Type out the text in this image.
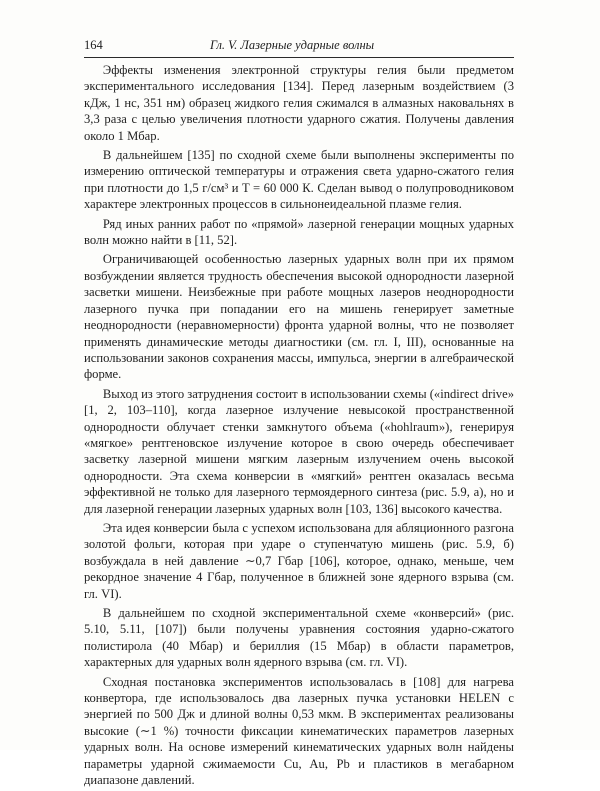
164	Гл. V. Лазерные ударные волны

Эффекты изменения электронной структуры гелия были предметом экспериментального исследования [134]. Перед лазерным воздействием (3 кДж, 1 нс, 351 нм) образец жидкого гелия сжимался в алмазных наковальнях в 3,3 раза с целью увеличения плотности ударного сжатия. Получены давления около 1 Мбар.

В дальнейшем [135] по сходной схеме были выполнены эксперименты по измерению оптической температуры и отражения света ударно-сжатого гелия при плотности до 1,5 г/см³ и T = 60 000 К. Сделан вывод о полупроводниковом характере электронных процессов в сильнонеидеальной плазме гелия.

Ряд иных ранних работ по «прямой» лазерной генерации мощных ударных волн можно найти в [11, 52].

Ограничивающей особенностью лазерных ударных волн при их прямом возбуждении является трудность обеспечения высокой однородности лазерной засветки мишени. Неизбежные при работе мощных лазеров неоднородности лазерного пучка при попадании его на мишень генерирует заметные неоднородности (неравномерности) фронта ударной волны, что не позволяет применять динамические методы диагностики (см. гл. I, III), основанные на использовании законов сохранения массы, импульса, энергии в алгебраической форме.

Выход из этого затруднения состоит в использовании схемы («indirect drive» [1, 2, 103–110], когда лазерное излучение невысокой пространственной однородности облучает стенки замкнутого объема («hohlraum»), генерируя «мягкое» рентгеновское излучение которое в свою очередь обеспечивает засветку лазерной мишени мягким лазерным излучением очень высокой однородности. Эта схема конверсии в «мягкий» рентген оказалась весьма эффективной не только для лазерного термоядерного синтеза (рис. 5.9, а), но и для лазерной генерации лазерных ударных волн [103, 136] высокого качества.

Эта идея конверсии была с успехом использована для абляционного разгона золотой фольги, которая при ударе о ступенчатую мишень (рис. 5.9, б) возбуждала в ней давление ∼0,7 Гбар [106], которое, однако, меньше, чем рекордное значение 4 Гбар, полученное в ближней зоне ядерного взрыва (см. гл. VI).

В дальнейшем по сходной экспериментальной схеме «конверсий» (рис. 5.10, 5.11, [107]) были получены уравнения состояния ударно-сжатого полистирола (40 Мбар) и бериллия (15 Мбар) в области параметров, характерных для ударных волн ядерного взрыва (см. гл. VI).

Сходная постановка экспериментов использовалась в [108] для нагрева конвертора, где использовалось два лазерных пучка установки HELEN с энергией по 500 Дж и длиной волны 0,53 мкм. В экспериментах реализованы высокие (∼1 %) точности фиксации кинематических параметров лазерных ударных волн. На основе измерений кинематических ударных волн найдены параметры ударной сжимаемости Cu, Au, Pb и пластиков в мегабарном диапазоне давлений.
